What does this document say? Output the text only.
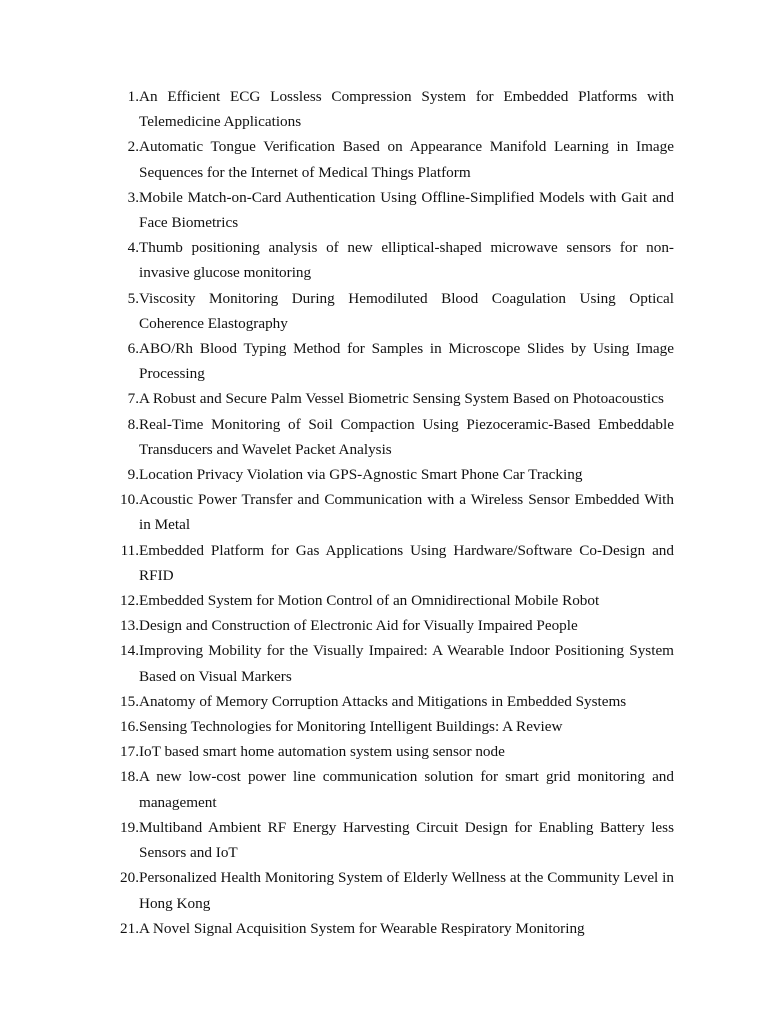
1. An Efficient ECG Lossless Compression System for Embedded Platforms with Telemedicine Applications
2. Automatic Tongue Verification Based on Appearance Manifold Learning in Image Sequences for the Internet of Medical Things Platform
3. Mobile Match-on-Card Authentication Using Offline-Simplified Models with Gait and Face Biometrics
4. Thumb positioning analysis of new elliptical-shaped microwave sensors for non-invasive glucose monitoring
5. Viscosity Monitoring During Hemodiluted Blood Coagulation Using Optical Coherence Elastography
6. ABO/Rh Blood Typing Method for Samples in Microscope Slides by Using Image Processing
7. A Robust and Secure Palm Vessel Biometric Sensing System Based on Photoacoustics
8. Real-Time Monitoring of Soil Compaction Using Piezoceramic-Based Embeddable Transducers and Wavelet Packet Analysis
9. Location Privacy Violation via GPS-Agnostic Smart Phone Car Tracking
10. Acoustic Power Transfer and Communication with a Wireless Sensor Embedded With in Metal
11. Embedded Platform for Gas Applications Using Hardware/Software Co-Design and RFID
12. Embedded System for Motion Control of an Omnidirectional Mobile Robot
13. Design and Construction of Electronic Aid for Visually Impaired People
14. Improving Mobility for the Visually Impaired: A Wearable Indoor Positioning System Based on Visual Markers
15. Anatomy of Memory Corruption Attacks and Mitigations in Embedded Systems
16. Sensing Technologies for Monitoring Intelligent Buildings: A Review
17. IoT based smart home automation system using sensor node
18. A new low-cost power line communication solution for smart grid monitoring and management
19. Multiband Ambient RF Energy Harvesting Circuit Design for Enabling Battery less Sensors and IoT
20. Personalized Health Monitoring System of Elderly Wellness at the Community Level in Hong Kong
21. A Novel Signal Acquisition System for Wearable Respiratory Monitoring
